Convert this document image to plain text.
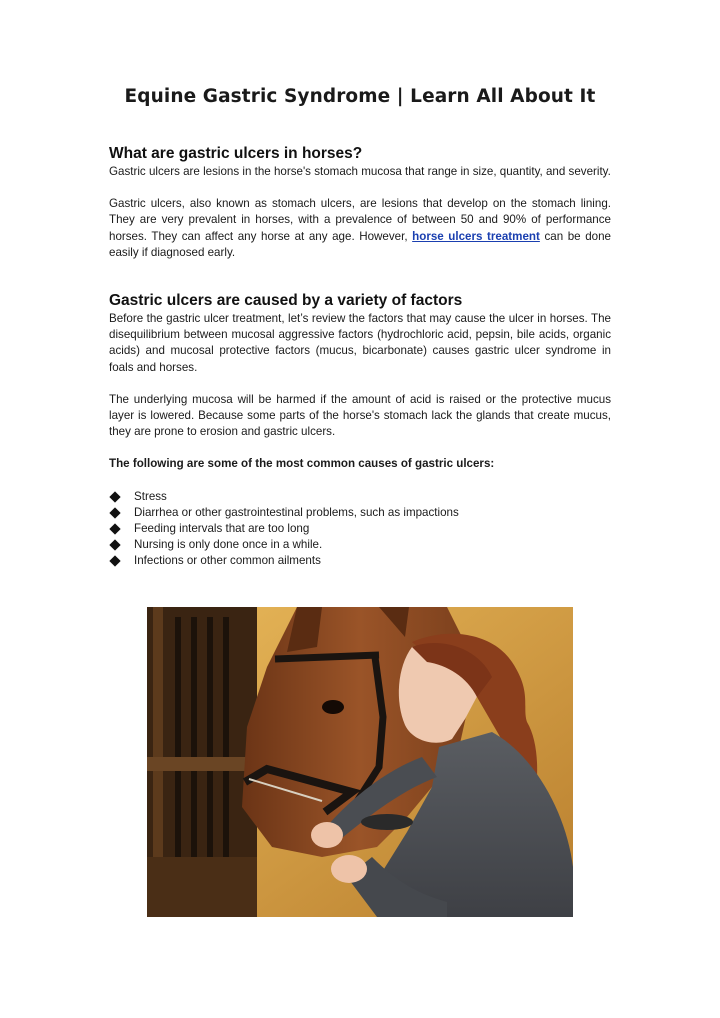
Equine Gastric Syndrome | Learn All About It
What are gastric ulcers in horses?

Gastric ulcers are lesions in the horse's stomach mucosa that range in size, quantity, and severity.

Gastric ulcers, also known as stomach ulcers, are lesions that develop on the stomach lining. They are very prevalent in horses, with a prevalence of between 50 and 90% of performance horses. They can affect any horse at any age. However, horse ulcers treatment can be done easily if diagnosed early.

Gastric ulcers are caused by a variety of factors

Before the gastric ulcer treatment, let’s review the factors that may cause the ulcer in horses. The disequilibrium between mucosal aggressive factors (hydrochloric acid, pepsin, bile acids, organic acids) and mucosal protective factors (mucus, bicarbonate) causes gastric ulcer syndrome in foals and horses.

The underlying mucosa will be harmed if the amount of acid is raised or the protective mucus layer is lowered. Because some parts of the horse's stomach lack the glands that create mucus, they are prone to erosion and gastric ulcers.

The following are some of the most common causes of gastric ulcers:

Stress
Diarrhea or other gastrointestinal problems, such as impactions
Feeding intervals that are too long
Nursing is only done once in a while.
Infections or other common ailments
